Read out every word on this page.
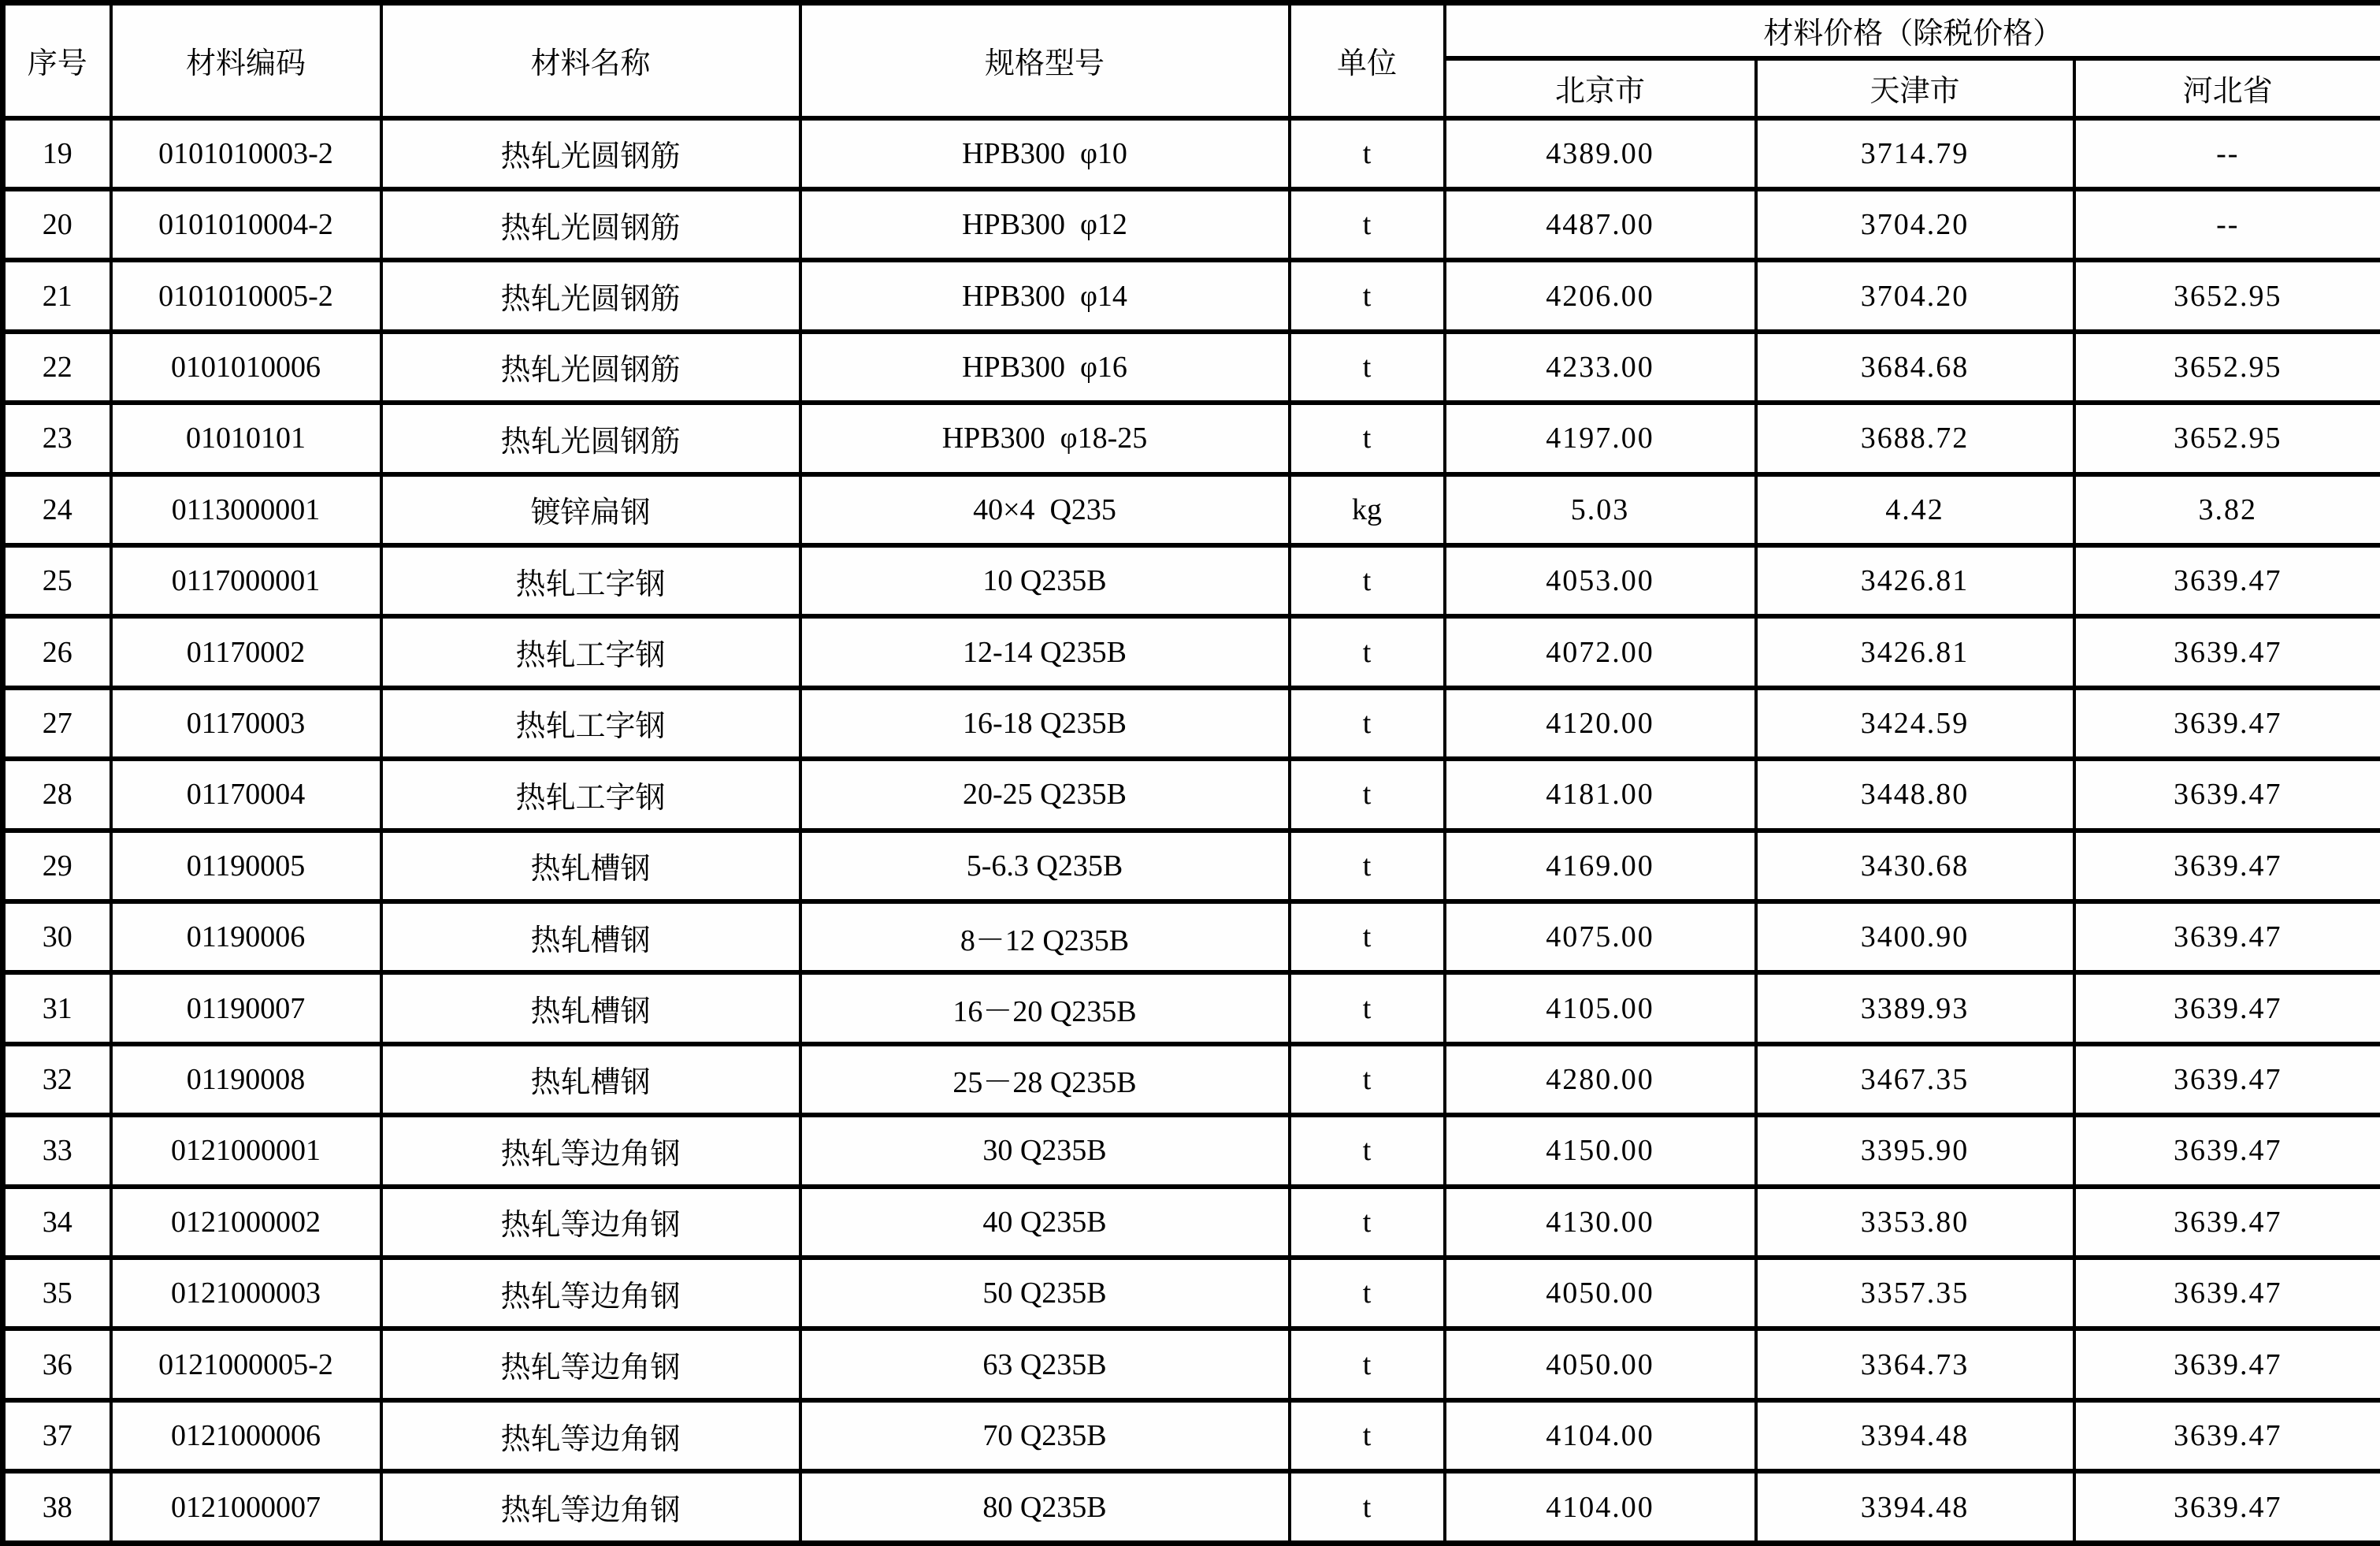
序号	材料编码	材料名称	规格型号	单位	材料价格（除税价格）		
					北京市	天津市	河北省
19	0101010003-2	热轧光圆钢筋	HPB300  φ10	t	4389.00	3714.79	--
20	0101010004-2	热轧光圆钢筋	HPB300  φ12	t	4487.00	3704.20	--
21	0101010005-2	热轧光圆钢筋	HPB300  φ14	t	4206.00	3704.20	3652.95
22	0101010006	热轧光圆钢筋	HPB300  φ16	t	4233.00	3684.68	3652.95
23	01010101	热轧光圆钢筋	HPB300  φ18-25	t	4197.00	3688.72	3652.95
24	0113000001	镀锌扁钢	40×4  Q235	kg	5.03	4.42	3.82
25	0117000001	热轧工字钢	10 Q235B	t	4053.00	3426.81	3639.47
26	01170002	热轧工字钢	12-14 Q235B	t	4072.00	3426.81	3639.47
27	01170003	热轧工字钢	16-18 Q235B	t	4120.00	3424.59	3639.47
28	01170004	热轧工字钢	20-25 Q235B	t	4181.00	3448.80	3639.47
29	01190005	热轧槽钢	5-6.3 Q235B	t	4169.00	3430.68	3639.47
30	01190006	热轧槽钢	8－12 Q235B	t	4075.00	3400.90	3639.47
31	01190007	热轧槽钢	16－20 Q235B	t	4105.00	3389.93	3639.47
32	01190008	热轧槽钢	25－28 Q235B	t	4280.00	3467.35	3639.47
33	0121000001	热轧等边角钢	30 Q235B	t	4150.00	3395.90	3639.47
34	0121000002	热轧等边角钢	40 Q235B	t	4130.00	3353.80	3639.47
35	0121000003	热轧等边角钢	50 Q235B	t	4050.00	3357.35	3639.47
36	0121000005-2	热轧等边角钢	63 Q235B	t	4050.00	3364.73	3639.47
37	0121000006	热轧等边角钢	70 Q235B	t	4104.00	3394.48	3639.47
38	0121000007	热轧等边角钢	80 Q235B	t	4104.00	3394.48	3639.47
